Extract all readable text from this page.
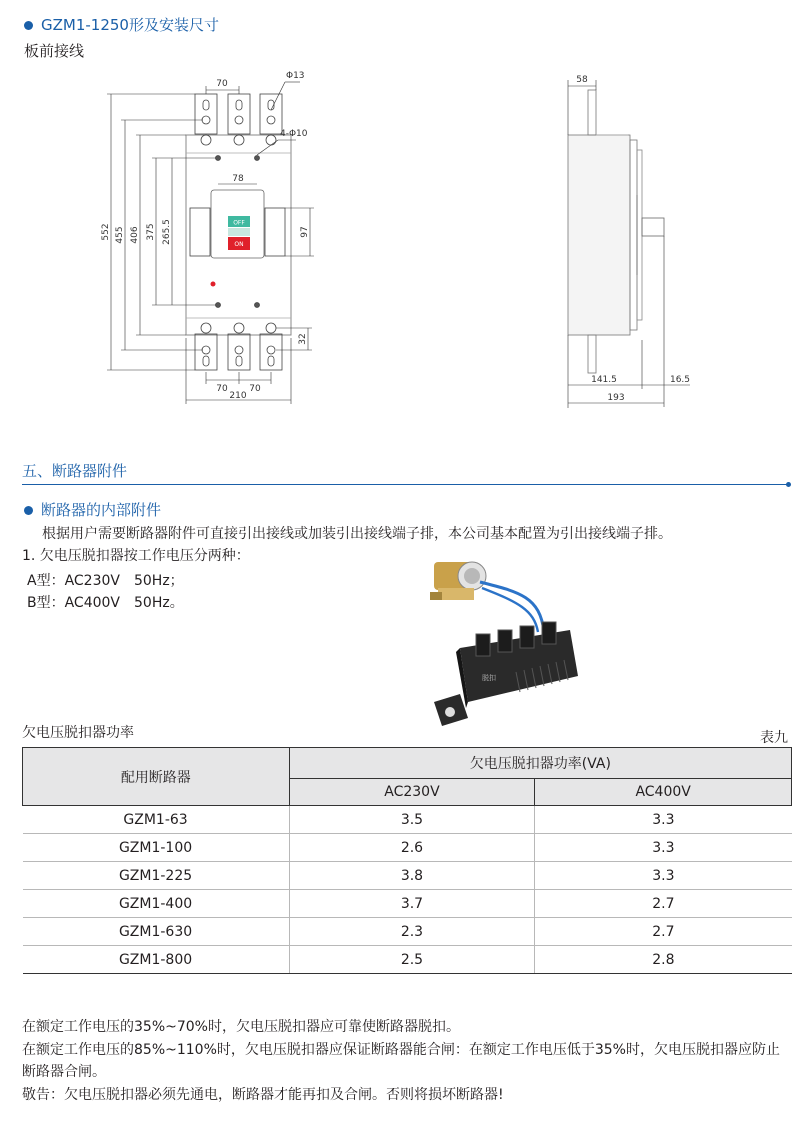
GZM1-1250形及安装尺寸
板前接线
OFF
ON
70
Φ13
4-Φ10
78
552 455 406 375 265.5	97
32
70 70
210
58
141.5	16.5
193
五、断路器附件
断路器的内部附件
根据用户需要断路器附件可直接引出接线或加装引出接线端子排，本公司基本配置为引出接线端子排。
1. 欠电压脱扣器按工作电压分两种：
A型：AC230V　50Hz；
B型：AC400V　50Hz。
脱扣
欠电压脱扣器功率	表九
配用断路器	欠电压脱扣器功率(VA)	
	AC230V	AC400V
GZM1-63	3.5	3.3
GZM1-100	2.6	3.3
GZM1-225	3.8	3.3
GZM1-400	3.7	2.7
GZM1-630	2.3	2.7
GZM1-800	2.5	2.8
在额定工作电压的35%~70%时，欠电压脱扣器应可靠使断路器脱扣。
在额定工作电压的85%~110%时，欠电压脱扣器应保证断路器能合闸：在额定工作电压低于35%时，欠电压脱扣器应防止断路器合闸。
敬告：欠电压脱扣器必须先通电，断路器才能再扣及合闸。否则将损坏断路器!
